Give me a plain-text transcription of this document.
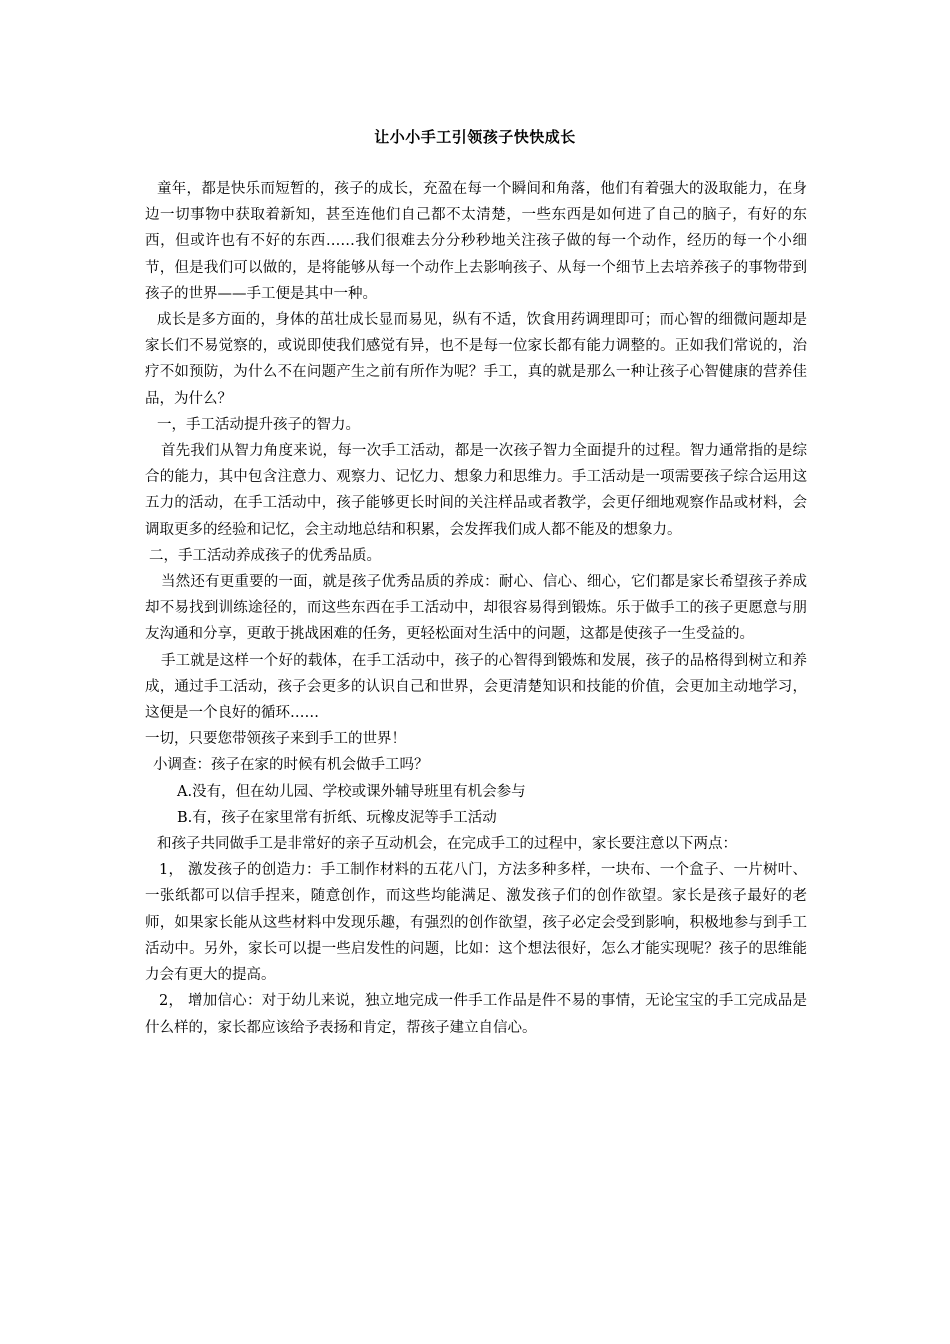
让小小手工引领孩子快快成长

童年，都是快乐而短暂的，孩子的成长，充盈在每一个瞬间和角落，他们有着强大的汲取能力，在身边一切事物中获取着新知，甚至连他们自己都不太清楚，一些东西是如何进了自己的脑子，有好的东西，但或许也有不好的东西……我们很难去分分秒秒地关注孩子做的每一个动作，经历的每一个小细节，但是我们可以做的，是将能够从每一个动作上去影响孩子、从每一个细节上去培养孩子的事物带到孩子的世界——手工便是其中一种。

成长是多方面的，身体的茁壮成长显而易见，纵有不适，饮食用药调理即可；而心智的细微问题却是家长们不易觉察的，或说即使我们感觉有异，也不是每一位家长都有能力调整的。正如我们常说的，治疗不如预防，为什么不在问题产生之前有所作为呢？手工，真的就是那么一种让孩子心智健康的营养佳品，为什么？

一，手工活动提升孩子的智力。

首先我们从智力角度来说，每一次手工活动，都是一次孩子智力全面提升的过程。智力通常指的是综合的能力，其中包含注意力、观察力、记忆力、想象力和思维力。手工活动是一项需要孩子综合运用这五力的活动，在手工活动中，孩子能够更长时间的关注样品或者教学，会更仔细地观察作品或材料，会调取更多的经验和记忆，会主动地总结和积累，会发挥我们成人都不能及的想象力。

二，手工活动养成孩子的优秀品质。

当然还有更重要的一面，就是孩子优秀品质的养成：耐心、信心、细心，它们都是家长希望孩子养成却不易找到训练途径的，而这些东西在手工活动中，却很容易得到锻炼。乐于做手工的孩子更愿意与朋友沟通和分享，更敢于挑战困难的任务，更轻松面对生活中的问题，这都是使孩子一生受益的。

手工就是这样一个好的载体，在手工活动中，孩子的心智得到锻炼和发展，孩子的品格得到树立和养成，通过手工活动，孩子会更多的认识自己和世界，会更清楚知识和技能的价值，会更加主动地学习，这便是一个良好的循环……

一切，只要您带领孩子来到手工的世界！

小调查：孩子在家的时候有机会做手工吗？

A.没有，但在幼儿园、学校或课外辅导班里有机会参与

B.有，孩子在家里常有折纸、玩橡皮泥等手工活动

和孩子共同做手工是非常好的亲子互动机会，在完成手工的过程中，家长要注意以下两点：

1， 激发孩子的创造力：手工制作材料的五花八门，方法多种多样，一块布、一个盒子、一片树叶、一张纸都可以信手捏来，随意创作，而这些均能满足、激发孩子们的创作欲望。家长是孩子最好的老师，如果家长能从这些材料中发现乐趣，有强烈的创作欲望，孩子必定会受到影响，积极地参与到手工活动中。另外，家长可以提一些启发性的问题，比如：这个想法很好，怎么才能实现呢？孩子的思维能力会有更大的提高。

2， 增加信心：对于幼儿来说，独立地完成一件手工作品是件不易的事情，无论宝宝的手工完成品是什么样的，家长都应该给予表扬和肯定，帮孩子建立自信心。
